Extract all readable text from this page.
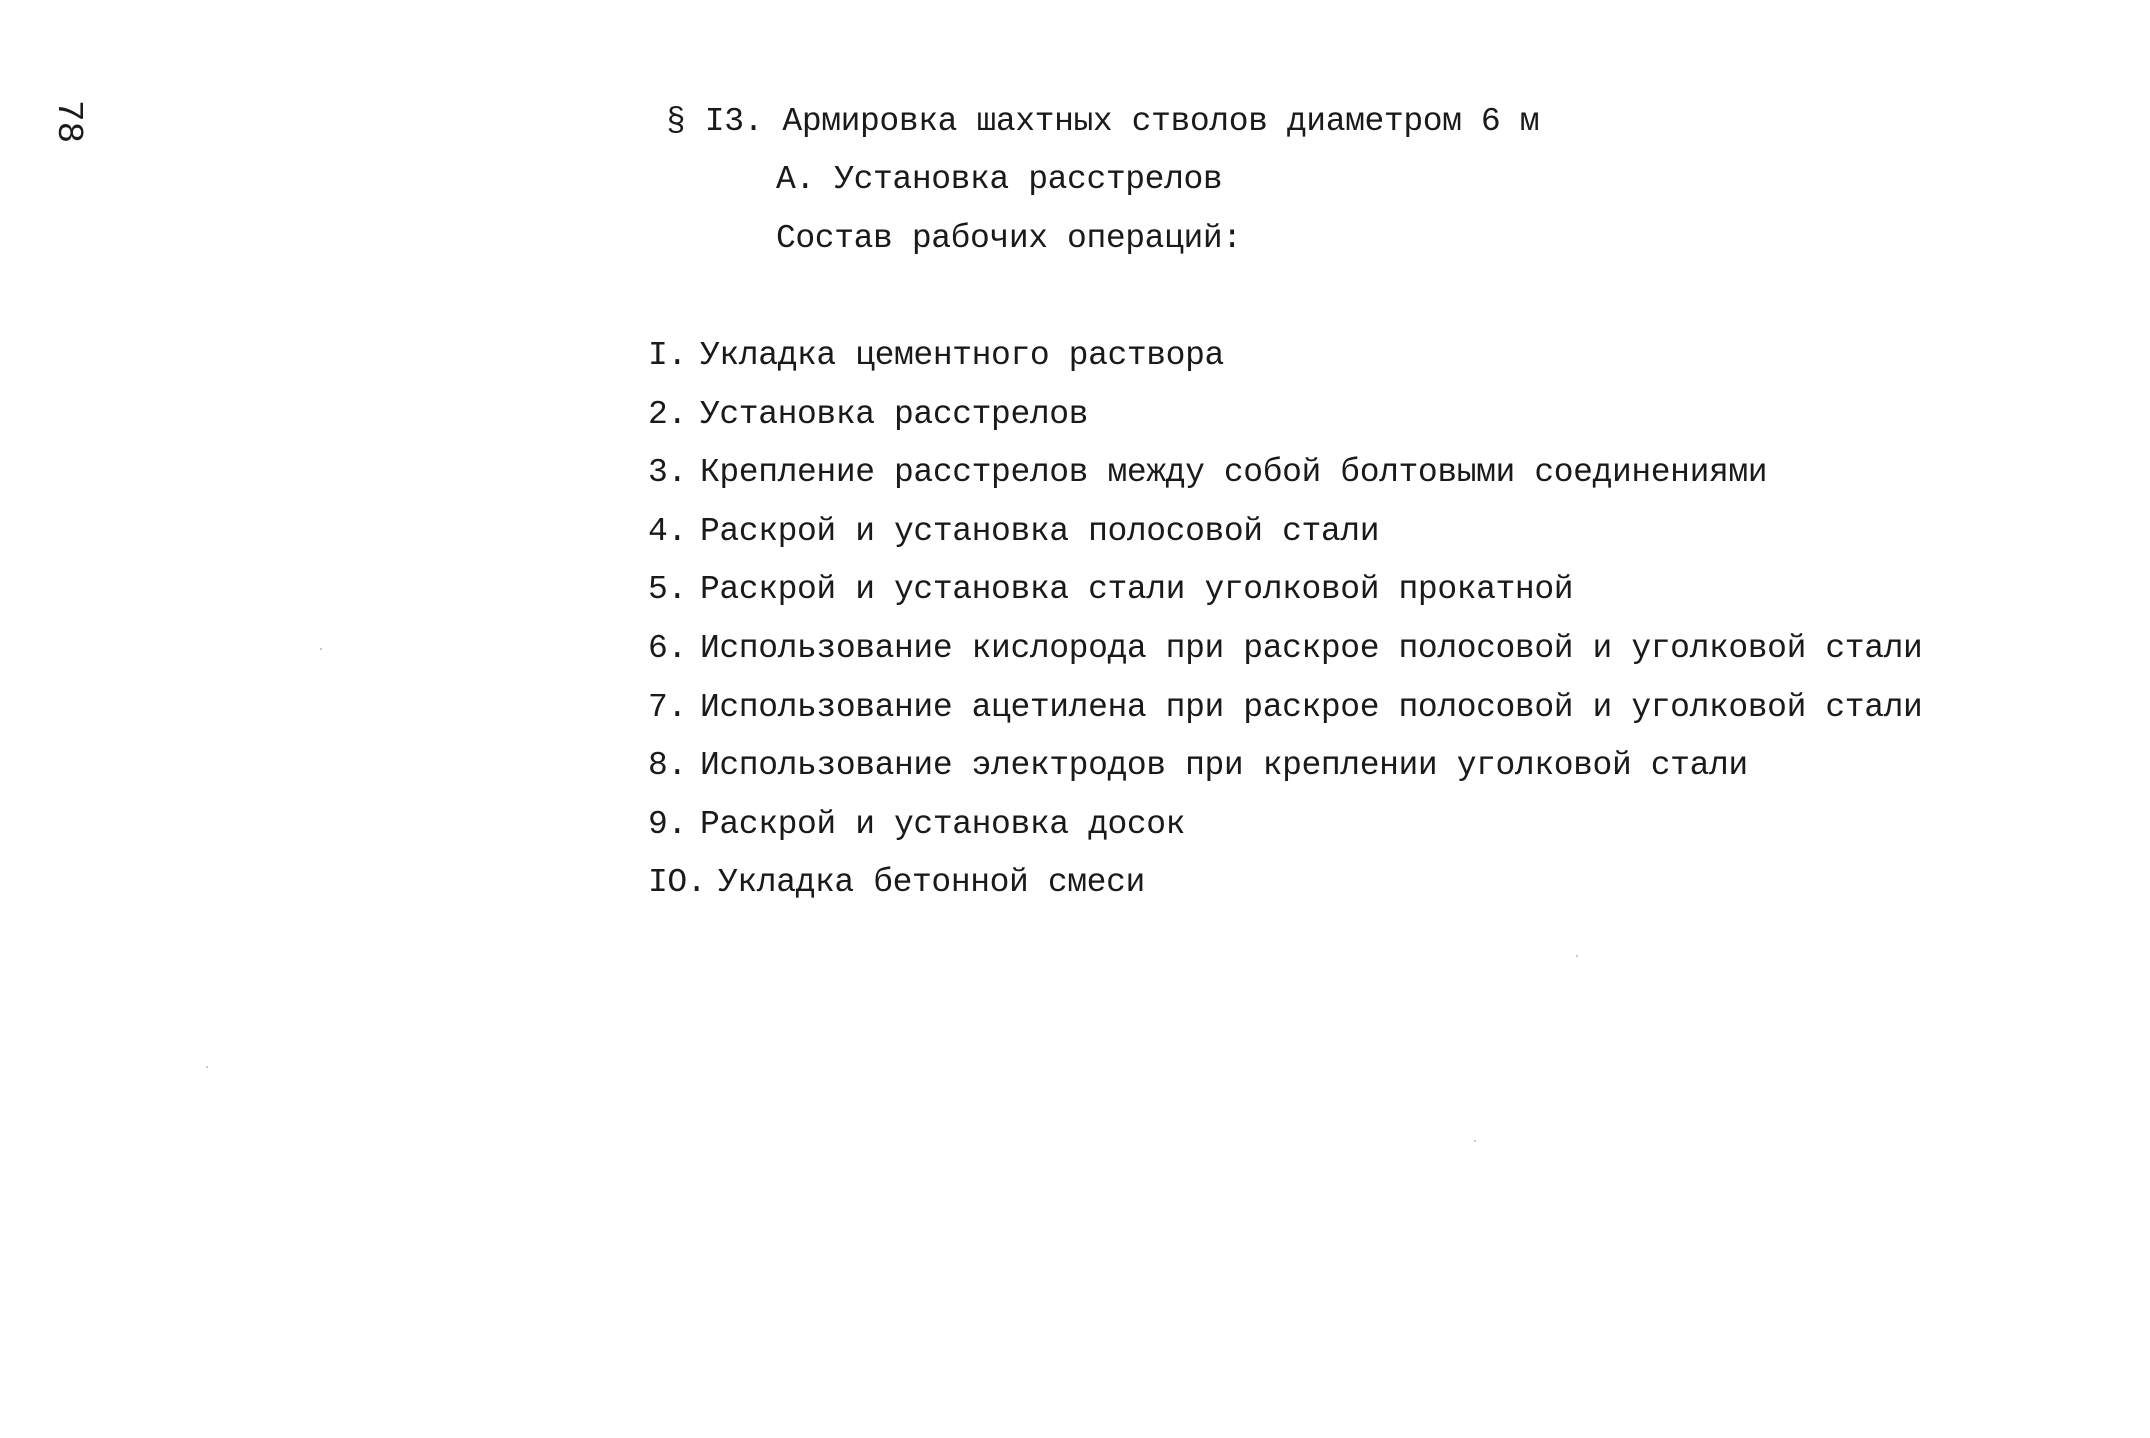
78	§ I3. Армировка шахтных стволов диаметром 6 м
А. Установка расстрелов
Состав рабочих операций:
I. Укладка цементного раствора
2. Установка расстрелов
3. Крепление расстрелов между собой болтовыми соединениями
4. Раскрой и установка полосовой стали
5. Раскрой и установка стали уголковой прокатной
6. Использование кислорода при раскрое полосовой и уголковой стали
7. Использование ацетилена при раскрое полосовой и уголковой стали
8. Использование электродов при креплении уголковой стали
9. Раскрой и установка досок
IO. Укладка бетонной смеси
